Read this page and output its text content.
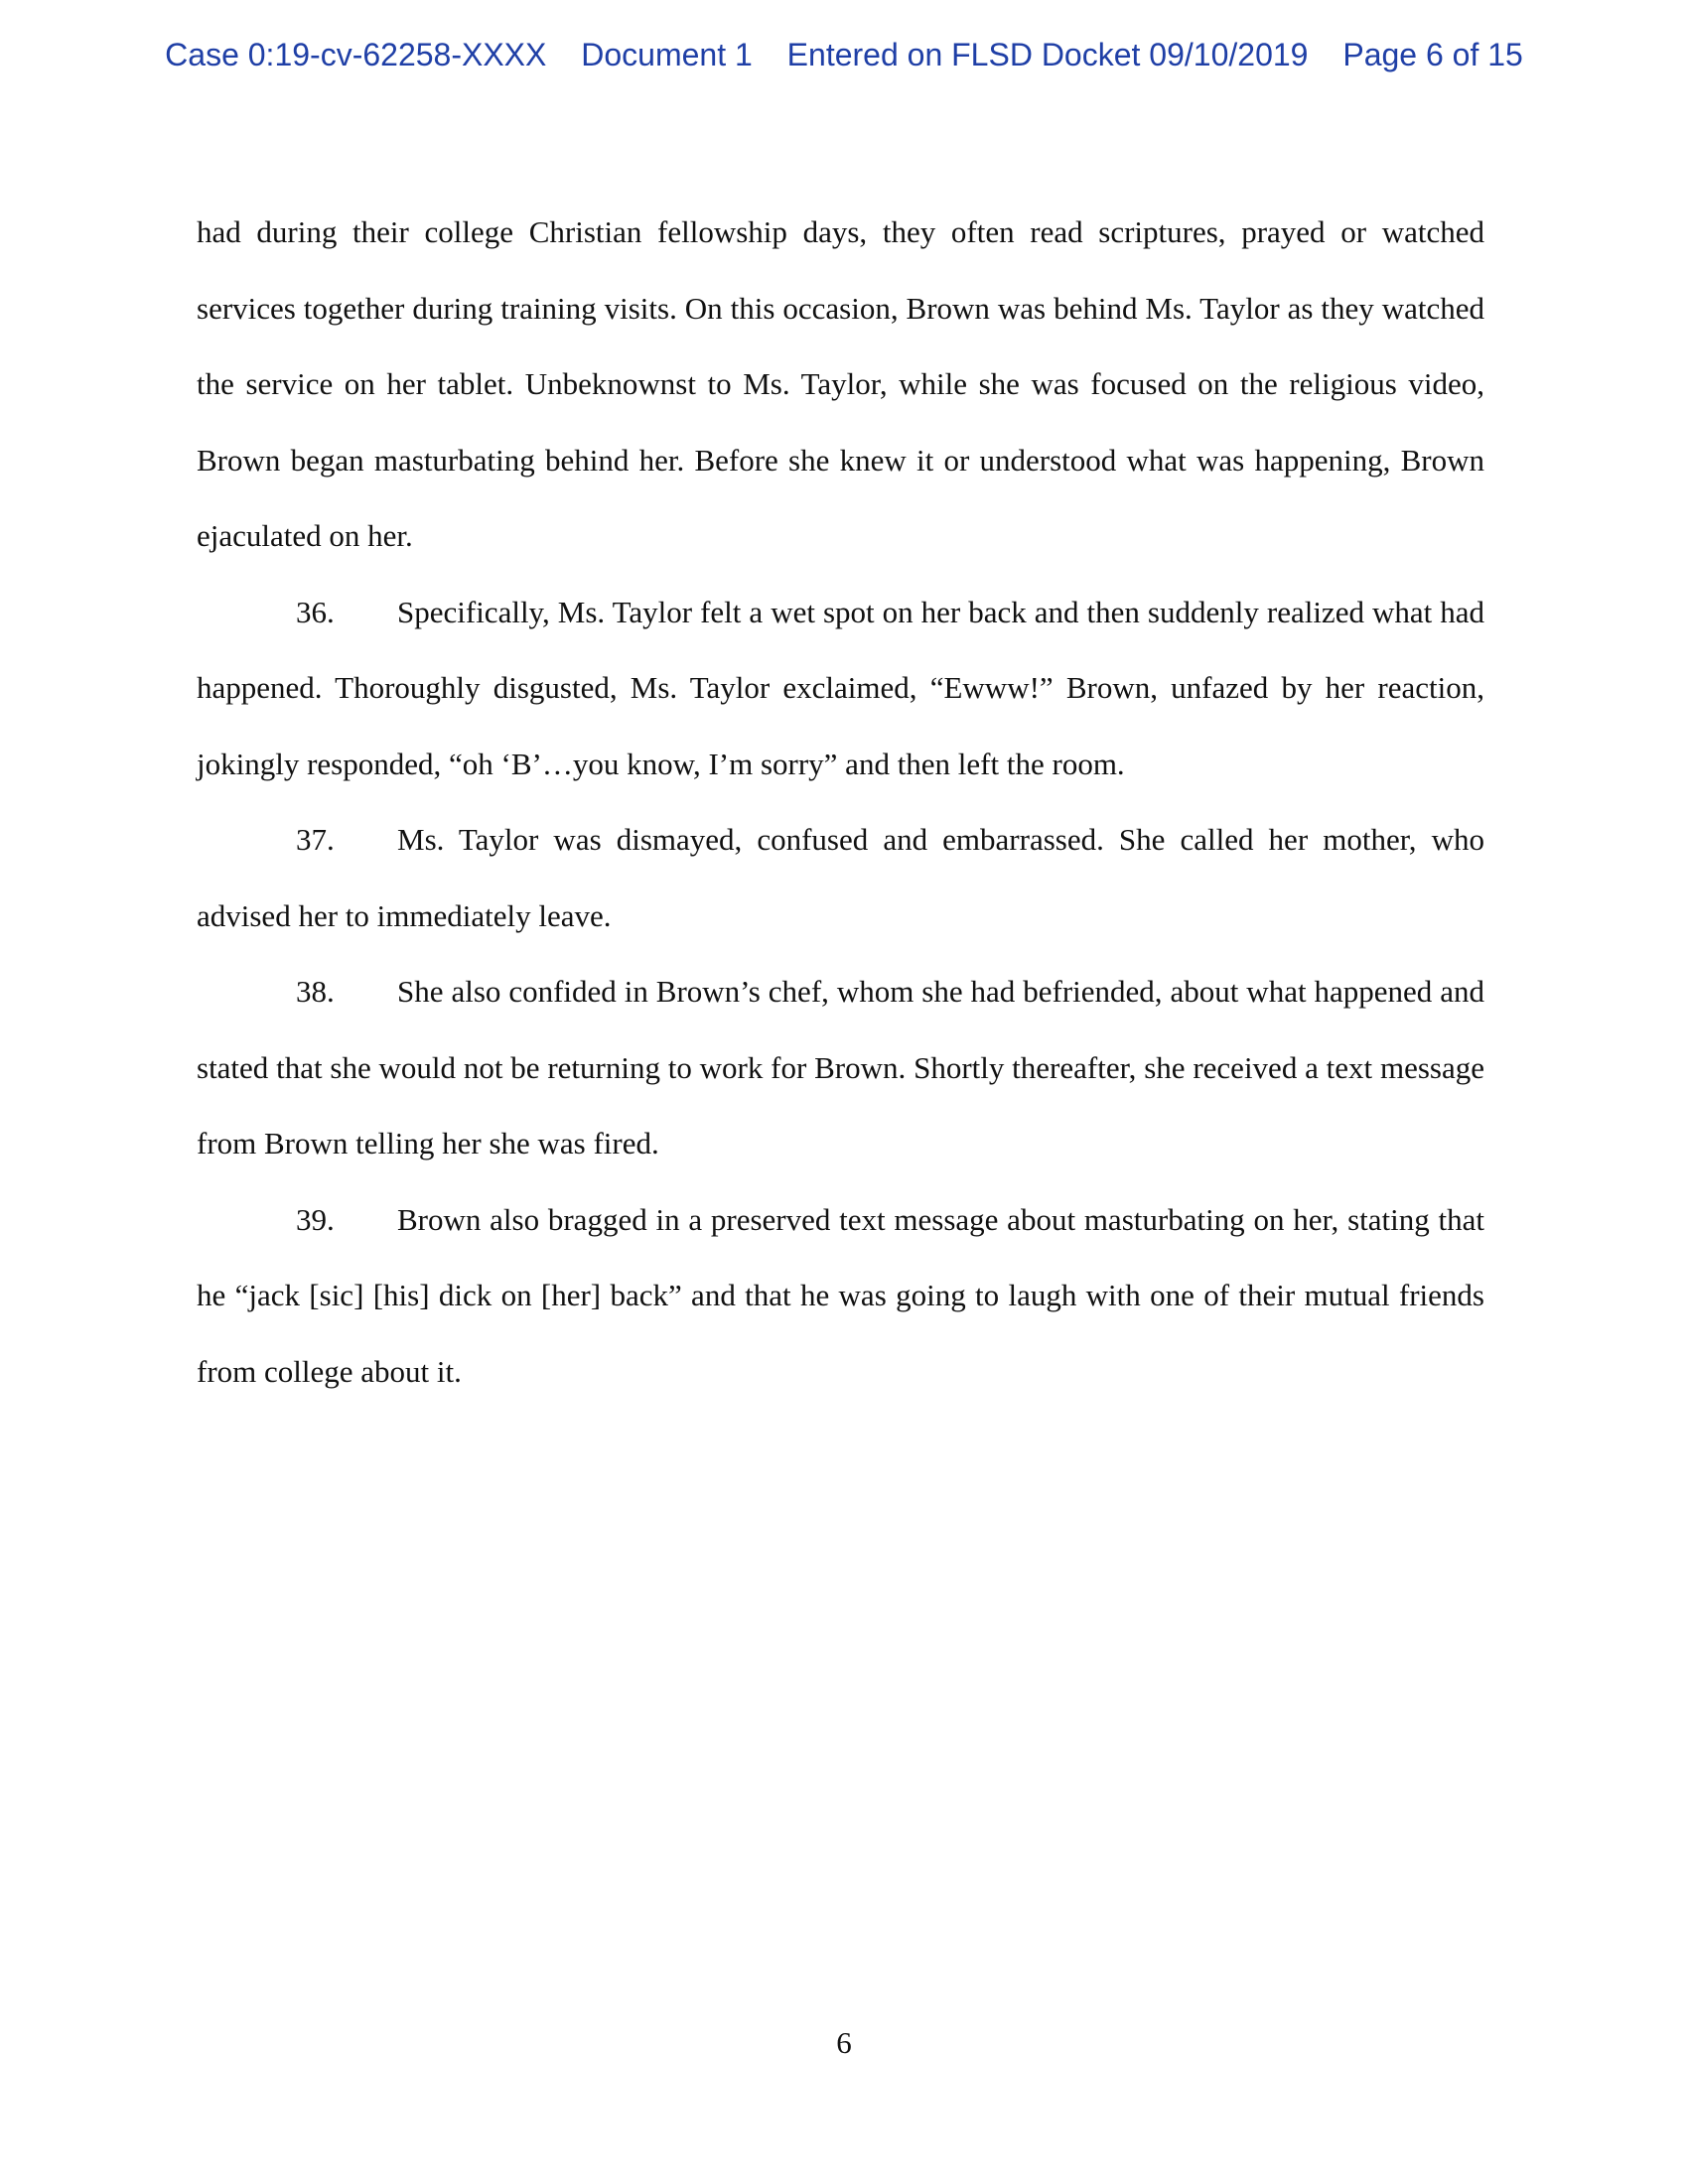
Case 0:19-cv-62258-XXXX Document 1 Entered on FLSD Docket 09/10/2019 Page 6 of 15

had during their college Christian fellowship days, they often read scriptures, prayed or watched services together during training visits. On this occasion, Brown was behind Ms. Taylor as they watched the service on her tablet. Unbeknownst to Ms. Taylor, while she was focused on the religious video, Brown began masturbating behind her. Before she knew it or understood what was happening, Brown ejaculated on her.

36. Specifically, Ms. Taylor felt a wet spot on her back and then suddenly realized what had happened. Thoroughly disgusted, Ms. Taylor exclaimed, “Ewww!” Brown, unfazed by her reaction, jokingly responded, “oh ‘B’…you know, I’m sorry” and then left the room.

37. Ms. Taylor was dismayed, confused and embarrassed. She called her mother, who advised her to immediately leave.

38. She also confided in Brown’s chef, whom she had befriended, about what happened and stated that she would not be returning to work for Brown. Shortly thereafter, she received a text message from Brown telling her she was fired.

39. Brown also bragged in a preserved text message about masturbating on her, stating that he “jack [sic] [his] dick on [her] back” and that he was going to laugh with one of their mutual friends from college about it.

6
